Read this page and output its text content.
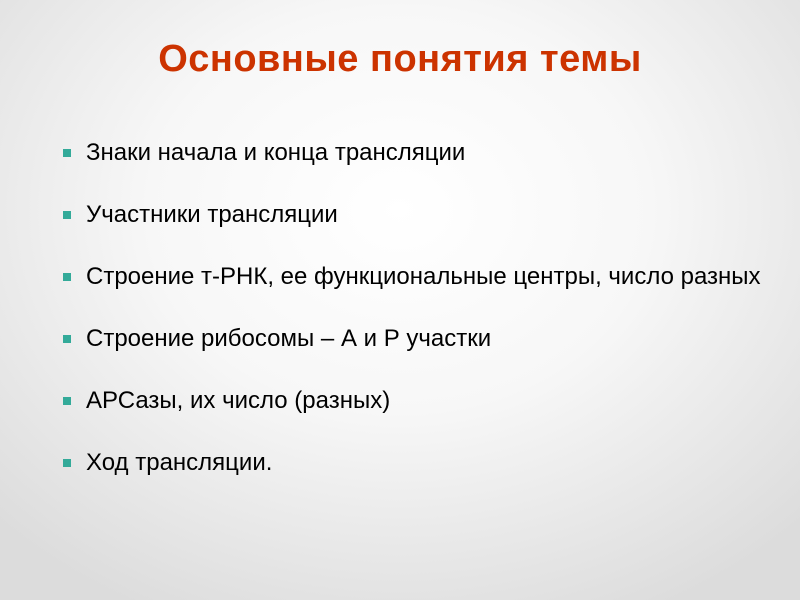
Основные понятия темы
Знаки начала и конца трансляции
Участники трансляции
Строение т-РНК, ее функциональные центры, число разных
Строение рибосомы – А и Р участки
АРСазы, их число (разных)
Ход трансляции.
